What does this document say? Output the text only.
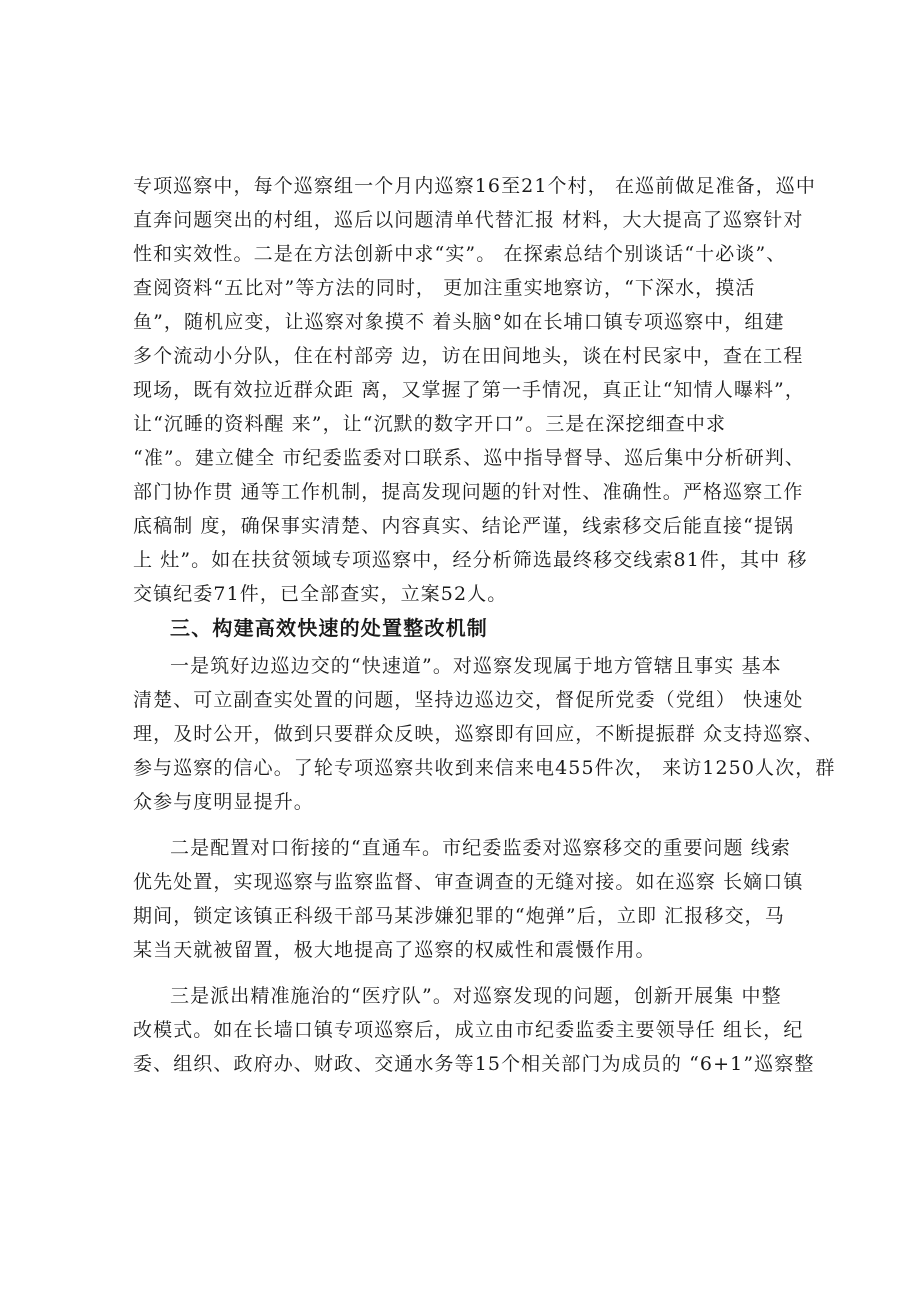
专项巡察中，每个巡察组一个月内巡察16至21个村， 在巡前做足准备，巡中
直奔问题突出的村组，巡后以问题清单代替汇报 材料，大大提高了巡察针对
性和实效性。二是在方法创新中求“实”。 在探索总结个别谈话“十必谈”、
查阅资料“五比对”等方法的同时， 更加注重实地察访，“下深水，摸活
鱼”，随机应变，让巡察对象摸不 着头脑°如在长埔口镇专项巡察中，组建
多个流动小分队，住在村部旁 边，访在田间地头，谈在村民家中，查在工程
现场，既有效拉近群众距 离，又掌握了第一手情况，真正让“知情人曝料”，
让“沉睡的资料醒 来”，让“沉默的数字开口”。三是在深挖细查中求
“准”。建立健全 市纪委监委对口联系、巡中指导督导、巡后集中分析研判、
部门协作贯 通等工作机制，提高发现问题的针对性、准确性。严格巡察工作
底稿制 度，确保事实清楚、内容真实、结论严谨，线索移交后能直接“提锅
上 灶”。如在扶贫领域专项巡察中，经分析筛选最终移交线索81件，其中 移
交镇纪委71件，已全部查实，立案52人。
三、构建高效快速的处置整改机制
一是筑好边巡边交的“快速道”。对巡察发现属于地方管辖且事实 基本
清楚、可立副查实处置的问题，坚持边巡边交，督促所党委（党组） 快速处
理，及时公开，做到只要群众反映，巡察即有回应，不断提振群 众支持巡察、
参与巡察的信心。了轮专项巡察共收到来信来电455件次， 来访1250人次，群
众参与度明显提升。
二是配置对口衔接的“直通车。市纪委监委对巡察移交的重要问题 线索
优先处置，实现巡察与监察监督、审查调查的无缝对接。如在巡察 长嫡口镇
期间，锁定该镇正科级干部马某涉嫌犯罪的“炮弹”后，立即 汇报移交，马
某当天就被留置，极大地提高了巡察的权威性和震慑作用。
三是派出精准施治的“医疗队”。对巡察发现的问题，创新开展集 中整
改模式。如在长墙口镇专项巡察后，成立由市纪委监委主要领导任 组长，纪
委、组织、政府办、财政、交通水务等15个相关部门为成员的 “6+1”巡察整
